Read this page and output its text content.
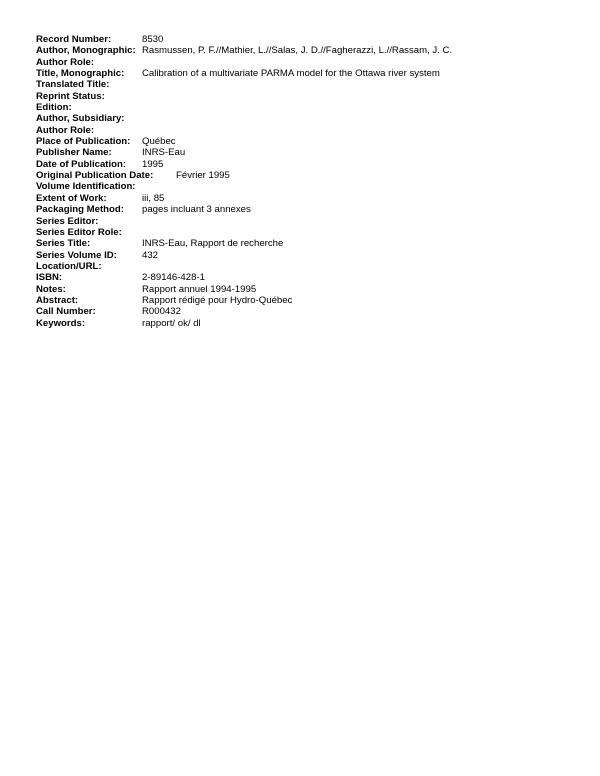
Record Number:	8530
Author, Monographic: Rasmussen, P. F.//Mathier, L.//Salas, J. D.//Fagherazzi, L.//Rassam, J. C.
Author Role:
Title, Monographic: Calibration of a multivariate PARMA model for the Ottawa river system
Translated Title:
Reprint Status:
Edition:
Author, Subsidiary:
Author Role:
Place of Publication: Québec
Publisher Name:	INRS-Eau
Date of Publication: 1995
Original Publication Date: Février 1995
Volume Identification:
Extent of Work:	iii, 85
Packaging Method: pages incluant 3 annexes
Series Editor:
Series Editor Role:
Series Title:	INRS-Eau, Rapport de recherche
Series Volume ID:	432
Location/URL:
ISBN:	2-89146-428-1
Notes:	Rapport annuel 1994-1995
Abstract:	Rapport rédigé pour Hydro-Québec
Call Number:	R000432
Keywords:	rapport/ ok/ dl
